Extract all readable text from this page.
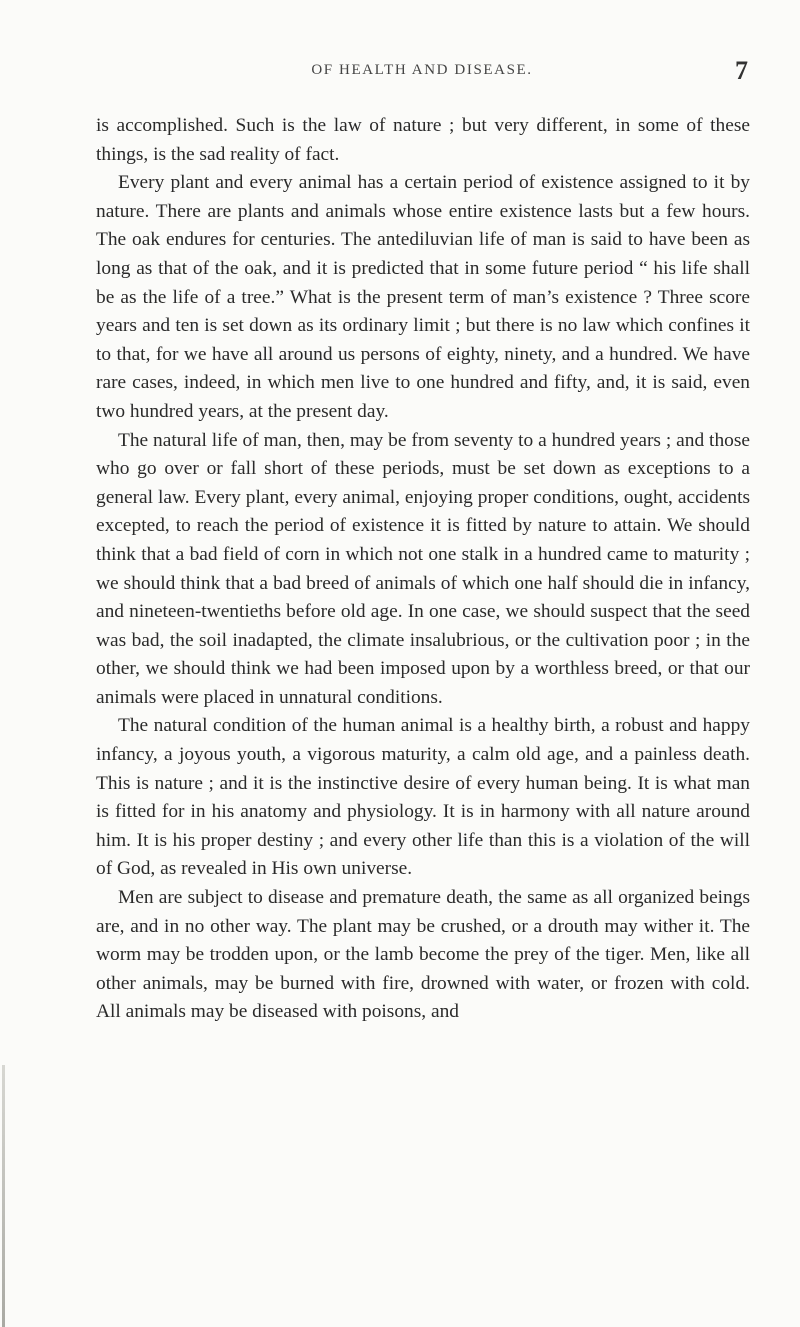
OF HEALTH AND DISEASE.	7

is accomplished. Such is the law of nature ; but very different, in some of these things, is the sad reality of fact.

Every plant and every animal has a certain period of existence assigned to it by nature. There are plants and animals whose entire existence lasts but a few hours. The oak endures for centuries. The antediluvian life of man is said to have been as long as that of the oak, and it is predicted that in some future period “ his life shall be as the life of a tree.” What is the present term of man’s existence ? Three score years and ten is set down as its ordinary limit ; but there is no law which confines it to that, for we have all around us persons of eighty, ninety, and a hundred. We have rare cases, indeed, in which men live to one hundred and fifty, and, it is said, even two hundred years, at the present day.

The natural life of man, then, may be from seventy to a hundred years ; and those who go over or fall short of these periods, must be set down as exceptions to a general law. Every plant, every animal, enjoying proper conditions, ought, accidents excepted, to reach the period of existence it is fitted by nature to attain. We should think that a bad field of corn in which not one stalk in a hundred came to maturity ; we should think that a bad breed of animals of which one half should die in infancy, and nineteen-twentieths before old age. In one case, we should suspect that the seed was bad, the soil inadapted, the climate insalubrious, or the cultivation poor ; in the other, we should think we had been imposed upon by a worthless breed, or that our animals were placed in unnatural conditions.

The natural condition of the human animal is a healthy birth, a robust and happy infancy, a joyous youth, a vigorous maturity, a calm old age, and a painless death. This is nature ; and it is the instinctive desire of every human being. It is what man is fitted for in his anatomy and physiology. It is in harmony with all nature around him. It is his proper destiny ; and every other life than this is a violation of the will of God, as revealed in His own universe.

Men are subject to disease and premature death, the same as all organized beings are, and in no other way. The plant may be crushed, or a drouth may wither it. The worm may be trodden upon, or the lamb become the prey of the tiger. Men, like all other animals, may be burned with fire, drowned with water, or frozen with cold. All animals may be diseased with poisons, and
